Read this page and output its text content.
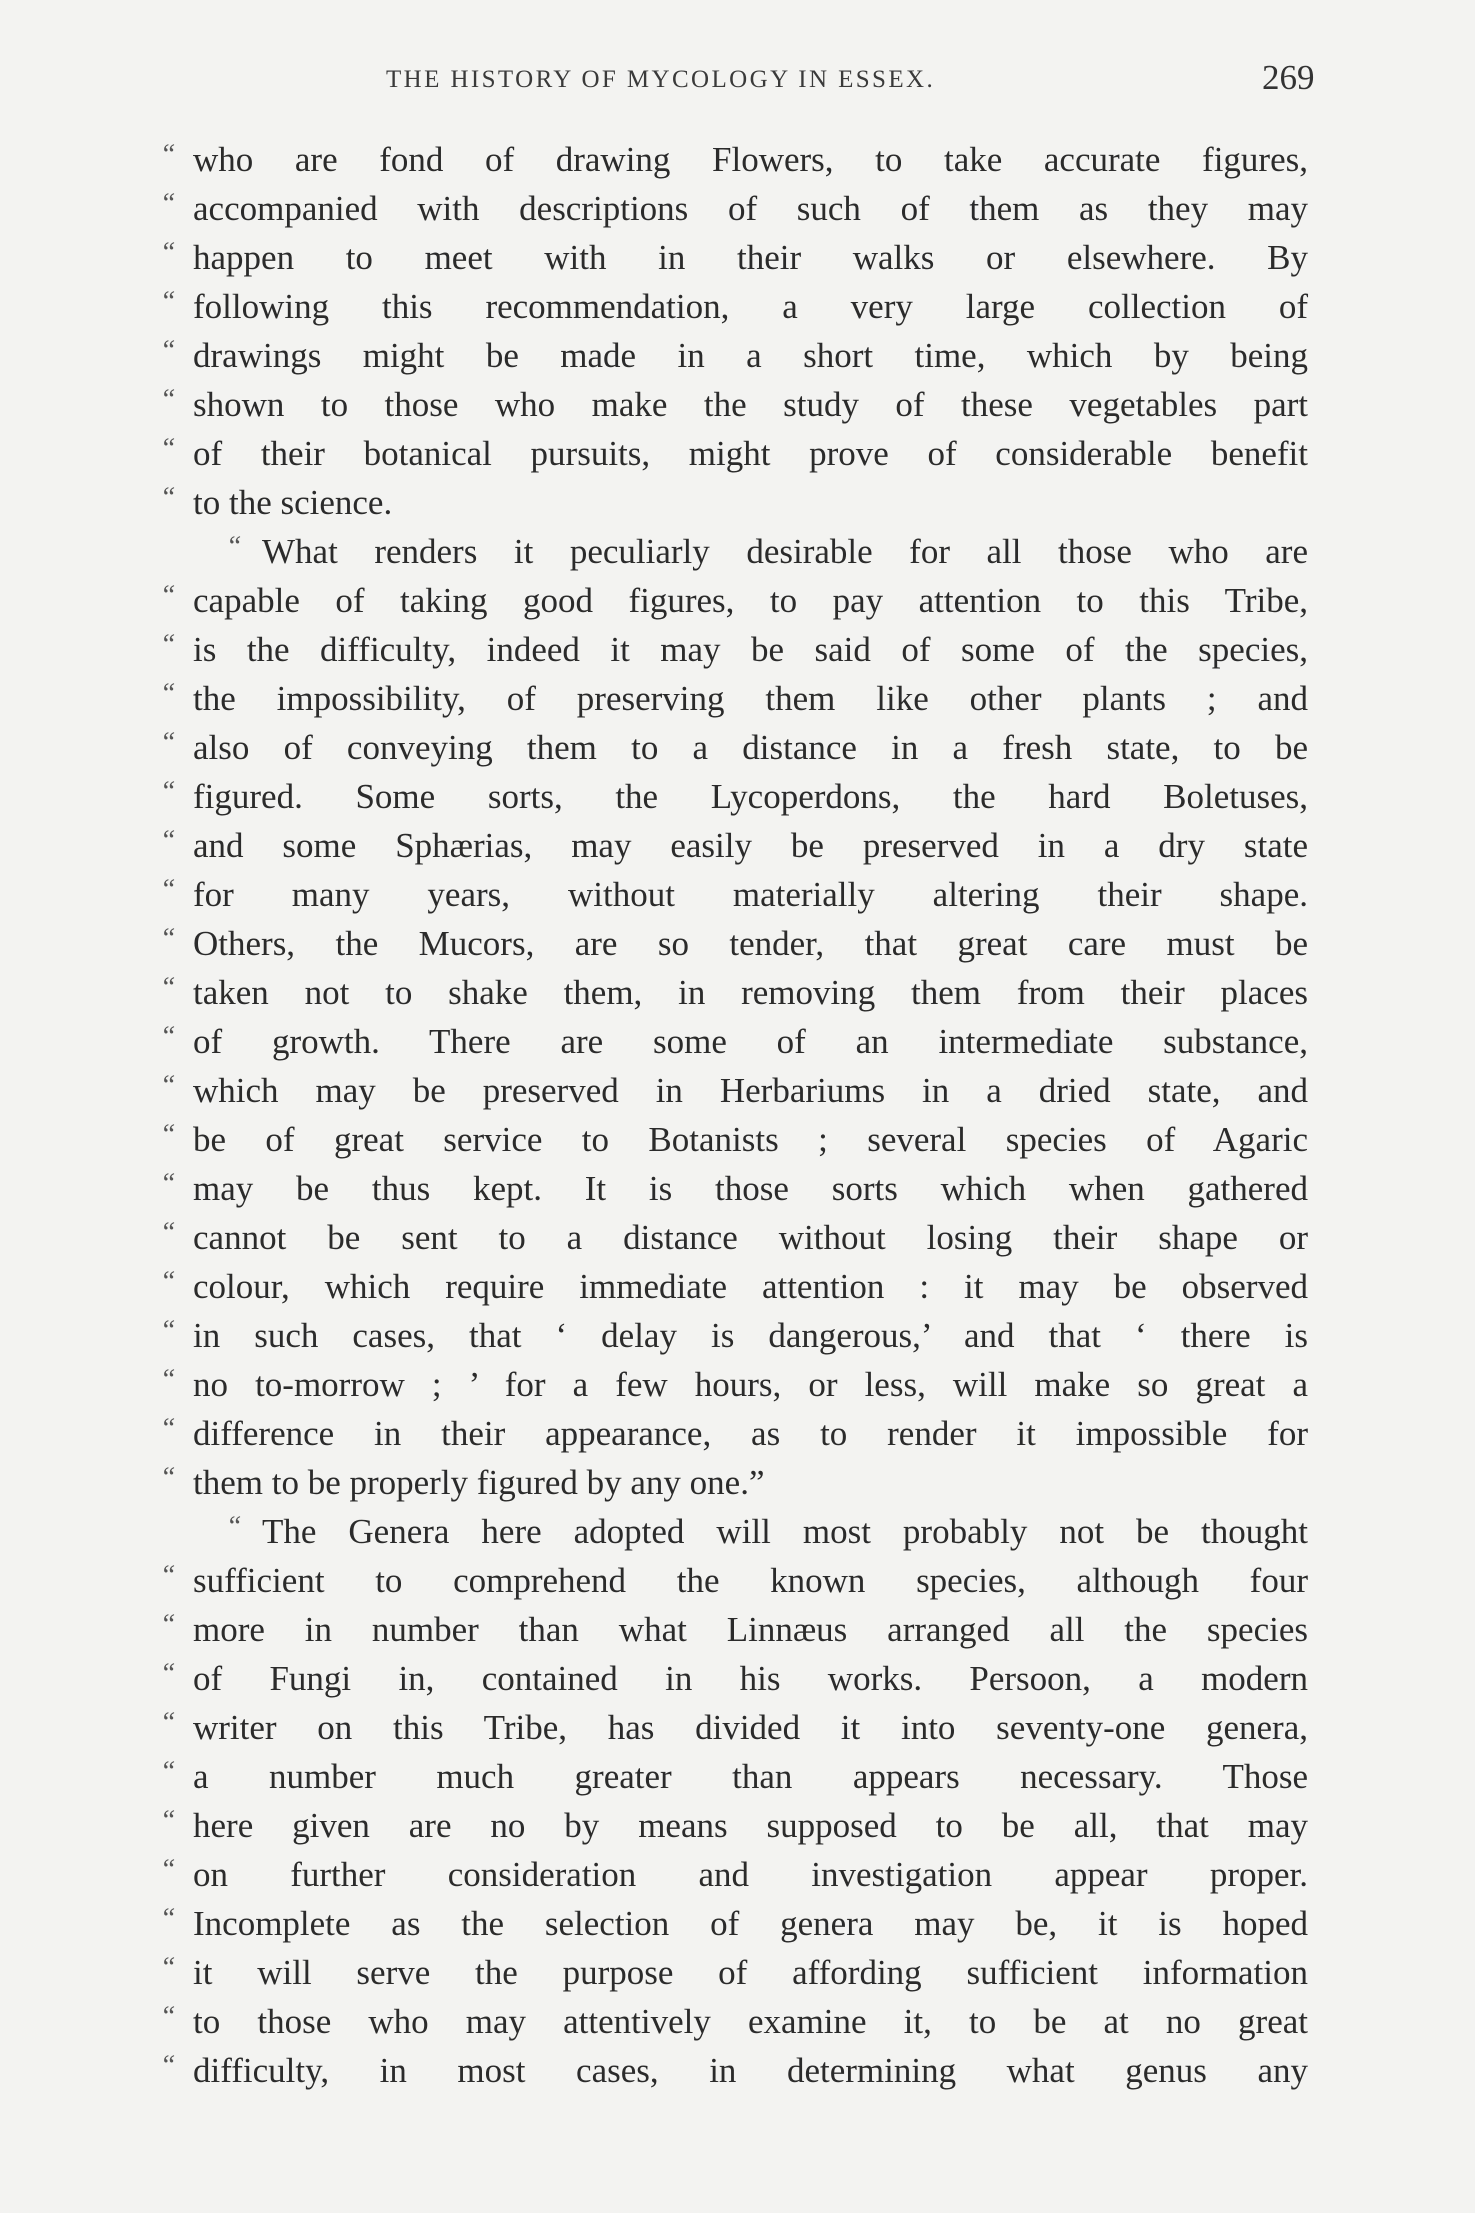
THE HISTORY OF MYCOLOGY IN ESSEX.	269
“ who are fond of drawing Flowers, to take accurate figures,
“ accompanied with descriptions of such of them as they may
“ happen to meet with in their walks or elsewhere. By
“ following this recommendation, a very large collection of
“ drawings might be made in a short time, which by being
“ shown to those who make the study of these vegetables part
“ of their botanical pursuits, might prove of considerable benefit
“ to the science.
“ What renders it peculiarly desirable for all those who are
“ capable of taking good figures, to pay attention to this Tribe,
“ is the difficulty, indeed it may be said of some of the species,
“ the impossibility, of preserving them like other plants ; and
“ also of conveying them to a distance in a fresh state, to be
“ figured. Some sorts, the Lycoperdons, the hard Boletuses,
“ and some Sphærias, may easily be preserved in a dry state
“ for many years, without materially altering their shape.
“ Others, the Mucors, are so tender, that great care must be
“ taken not to shake them, in removing them from their places
“ of growth. There are some of an intermediate substance,
“ which may be preserved in Herbariums in a dried state, and
“ be of great service to Botanists ; several species of Agaric
“ may be thus kept. It is those sorts which when gathered
“ cannot be sent to a distance without losing their shape or
“ colour, which require immediate attention : it may be observed
“ in such cases, that ‘ delay is dangerous,’ and that ‘ there is
“ no to-morrow ; ’ for a few hours, or less, will make so great a
“ difference in their appearance, as to render it impossible for
“ them to be properly figured by any one.”
“ The Genera here adopted will most probably not be thought
“ sufficient to comprehend the known species, although four
“ more in number than what Linnæus arranged all the species
“ of Fungi in, contained in his works. Persoon, a modern
“ writer on this Tribe, has divided it into seventy-one genera,
“ a number much greater than appears necessary. Those
“ here given are no by means supposed to be all, that may
“ on further consideration and investigation appear proper.
“ Incomplete as the selection of genera may be, it is hoped
“ it will serve the purpose of affording sufficient information
“ to those who may attentively examine it, to be at no great
“ difficulty, in most cases, in determining what genus any
